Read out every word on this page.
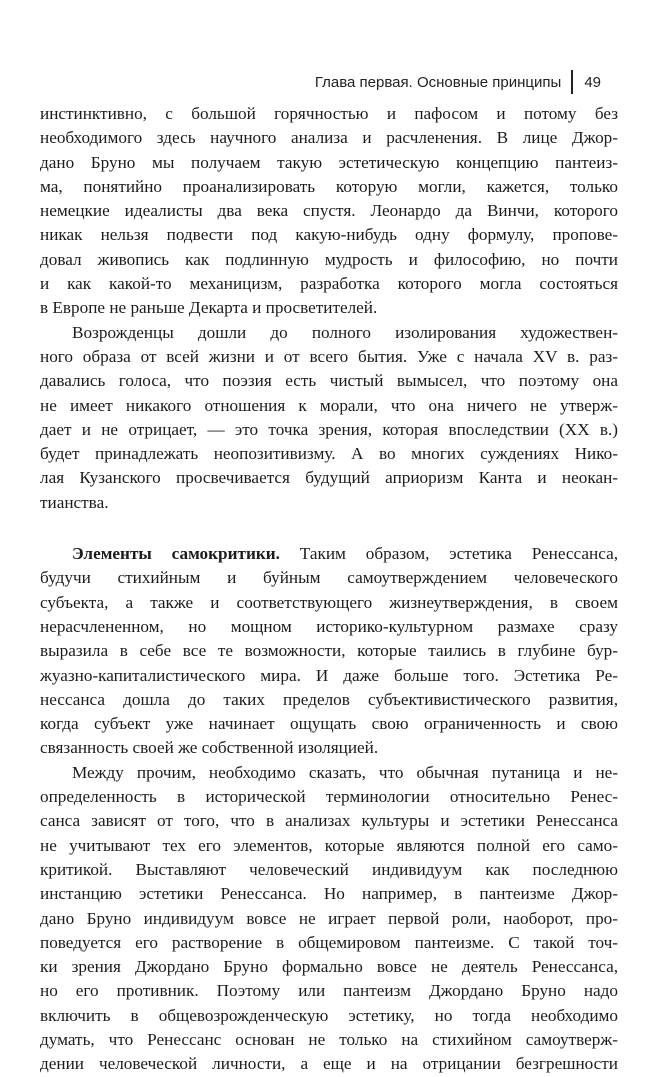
Глава первая. Основные принципы 49
инстинктивно, с большой горячностью и пафосом и потому без
необходимого здесь научного анализа и расчленения. В лице Джор-
дано Бруно мы получаем такую эстетическую концепцию пантеиз-
ма, понятийно проанализировать которую могли, кажется, только
немецкие идеалисты два века спустя. Леонардо да Винчи, которого
никак нельзя подвести под какую-нибудь одну формулу, пропове-
довал живопись как подлинную мудрость и философию, но почти
и как какой-то механицизм, разработка которого могла состояться
в Европе не раньше Декарта и просветителей.
Возрожденцы дошли до полного изолирования художествен-
ного образа от всей жизни и от всего бытия. Уже с начала XV в. раз-
давались голоса, что поэзия есть чистый вымысел, что поэтому она
не имеет никакого отношения к морали, что она ничего не утверж-
дает и не отрицает, — это точка зрения, которая впоследствии (XX в.)
будет принадлежать неопозитивизму. А во многих суждениях Нико-
лая Кузанского просвечивается будущий априоризм Канта и неокан-
тианства.
Элементы самокритики. Таким образом, эстетика Ренессанса,
будучи стихийным и буйным самоутверждением человеческого
субъекта, а также и соответствующего жизнеутверждения, в своем
нерасчлененном, но мощном историко-культурном размахе сразу
выразила в себе все те возможности, которые таились в глубине бур-
жуазно-капиталистического мира. И даже больше того. Эстетика Ре-
нессанса дошла до таких пределов субъективистического развития,
когда субъект уже начинает ощущать свою ограниченность и свою
связанность своей же собственной изоляцией.
Между прочим, необходимо сказать, что обычная путаница и не-
определенность в исторической терминологии относительно Ренес-
санса зависят от того, что в анализах культуры и эстетики Ренессанса
не учитывают тех его элементов, которые являются полной его само-
критикой. Выставляют человеческий индивидуум как последнюю
инстанцию эстетики Ренессанса. Но например, в пантеизме Джор-
дано Бруно индивидуум вовсе не играет первой роли, наоборот, про-
поведуется его растворение в общемировом пантеизме. С такой точ-
ки зрения Джордано Бруно формально вовсе не деятель Ренессанса,
но его противник. Поэтому или пантеизм Джордано Бруно надо
включить в общевозрожденческую эстетику, но тогда необходимо
думать, что Ренессанс основан не только на стихийном самоутверж-
дении человеческой личности, а еще и на отрицании безгрешности
